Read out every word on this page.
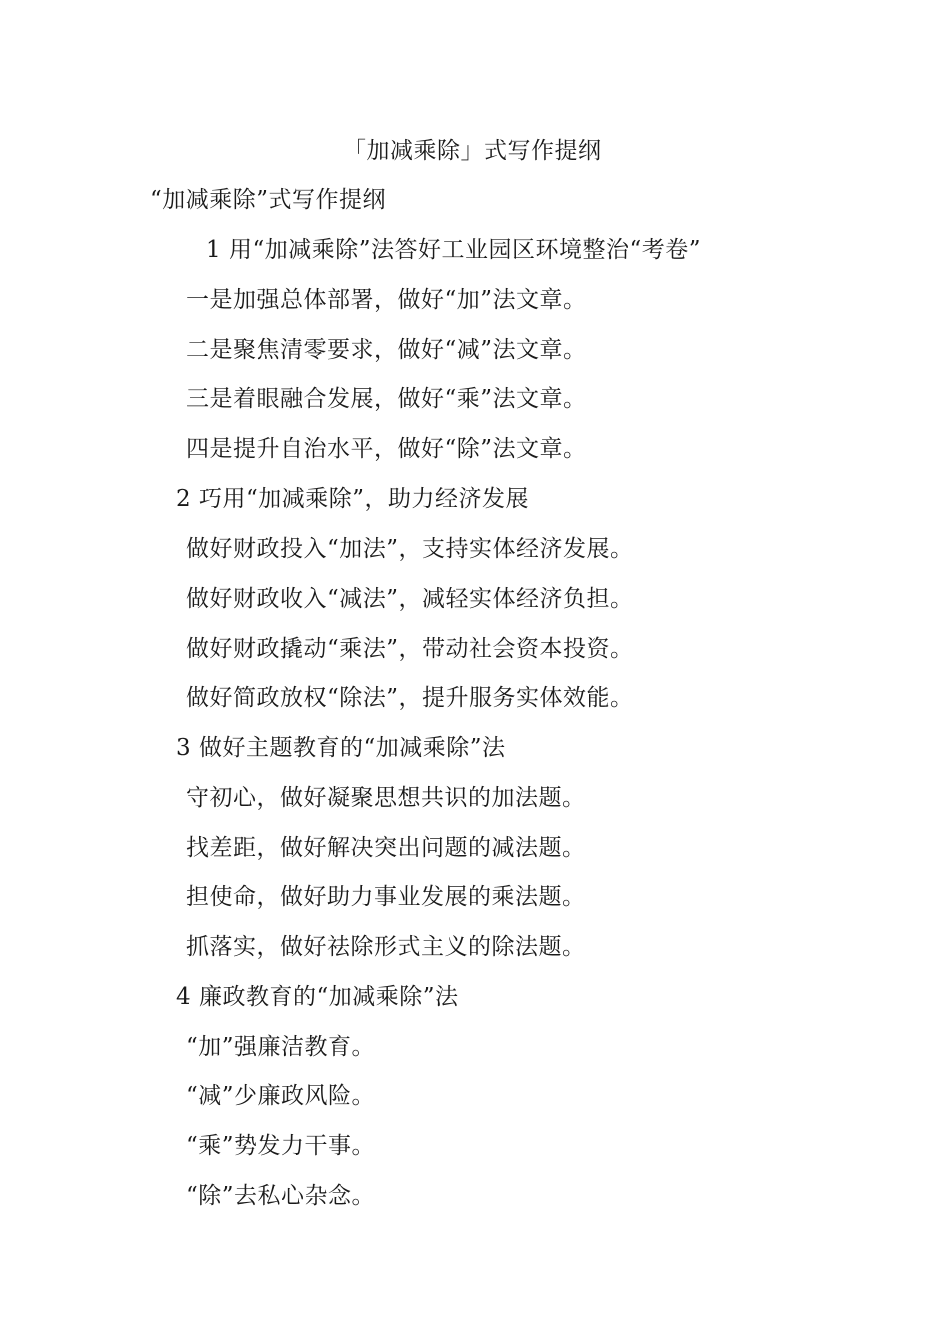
「加减乘除」式写作提纲
“加减乘除”式写作提纲
1 用“加减乘除”法答好工业园区环境整治“考卷”
一是加强总体部署，做好“加”法文章。
二是聚焦清零要求，做好“减”法文章。
三是着眼融合发展，做好“乘”法文章。
四是提升自治水平，做好“除”法文章。
2 巧用“加减乘除”，助力经济发展
做好财政投入“加法”，支持实体经济发展。
做好财政收入“减法”，减轻实体经济负担。
做好财政撬动“乘法”，带动社会资本投资。
做好简政放权“除法”，提升服务实体效能。
3 做好主题教育的“加减乘除”法
守初心，做好凝聚思想共识的加法题。
找差距，做好解决突出问题的减法题。
担使命，做好助力事业发展的乘法题。
抓落实，做好祛除形式主义的除法题。
4 廉政教育的“加减乘除”法
“加”强廉洁教育。
“减”少廉政风险。
“乘”势发力干事。
“除”去私心杂念。
